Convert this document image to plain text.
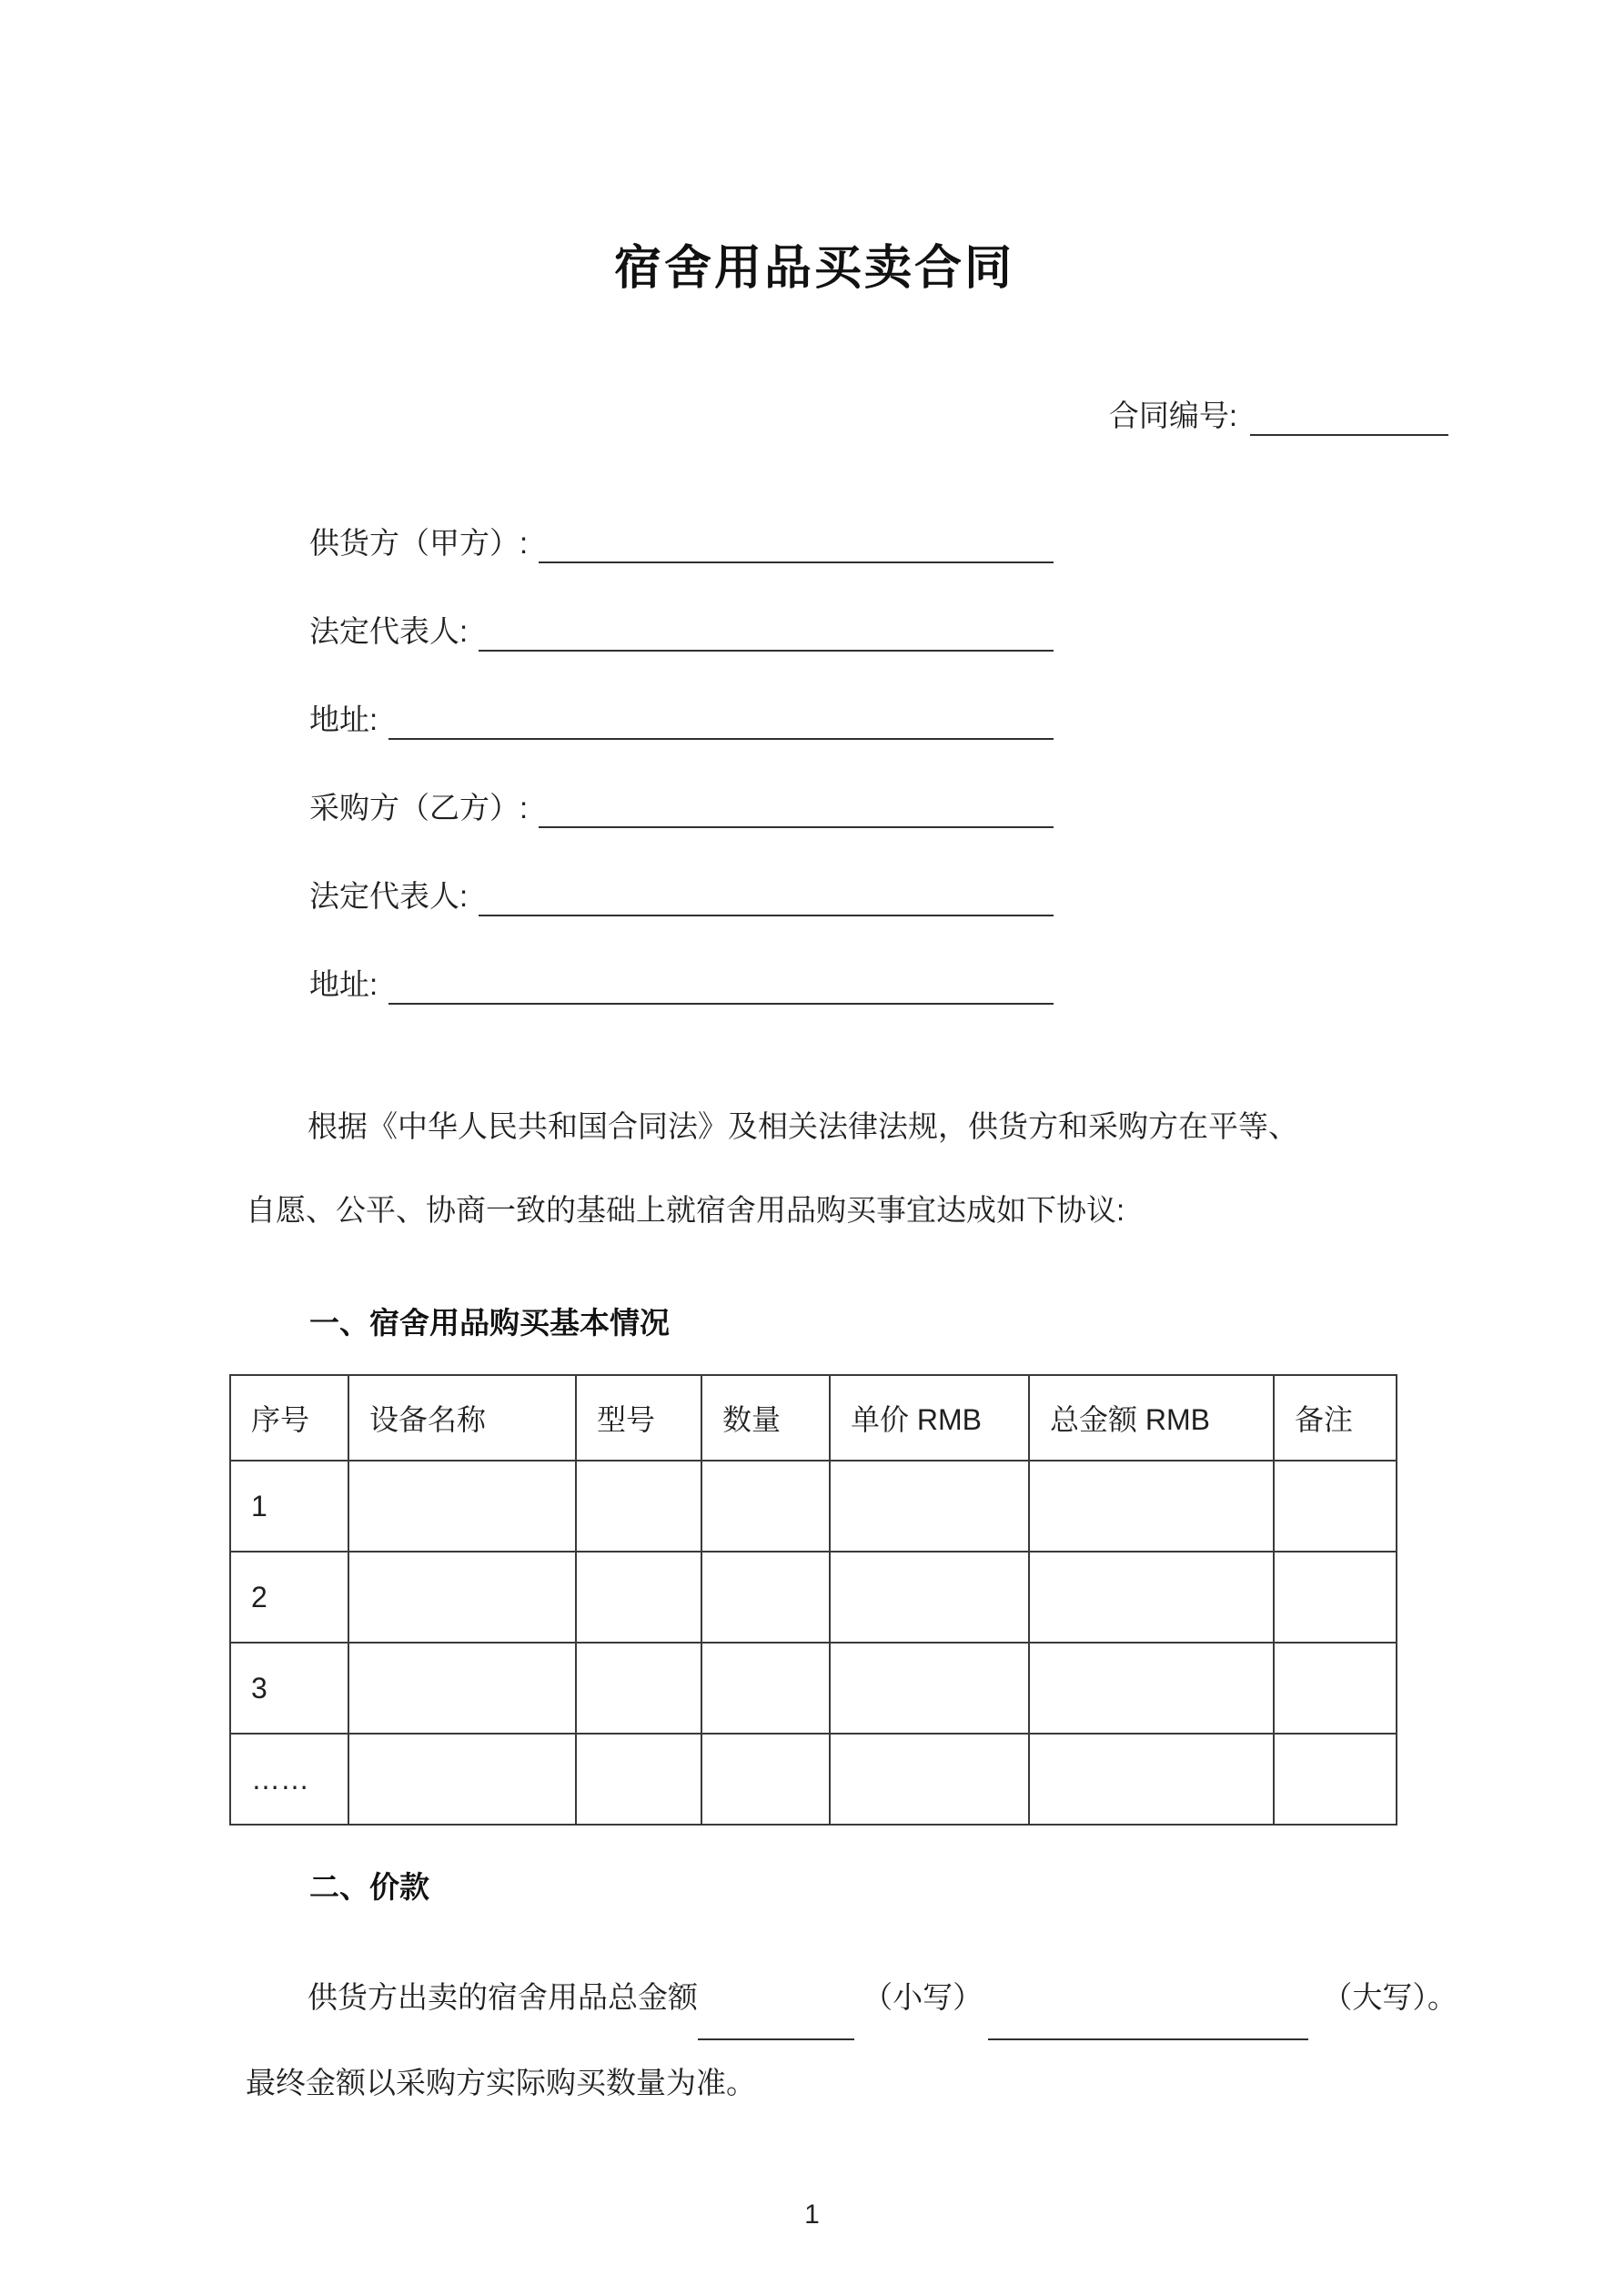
宿舍用品买卖合同
合同编号:
供货方（甲方）:
法定代表人:
地址:
采购方（乙方）:
法定代表人:
地址:
根据《中华人民共和国合同法》及相关法律法规，供货方和采购方在平等、
自愿、公平、协商一致的基础上就宿舍用品购买事宜达成如下协议:
一、宿舍用品购买基本情况
序号	设备名称	型号	数量	单价 RMB	总金额 RMB	备注
1						
2						
3						
……						
二、价款
供货方出卖的宿舍用品总金额	（小写）	（大写）。
最终金额以采购方实际购买数量为准。
1
